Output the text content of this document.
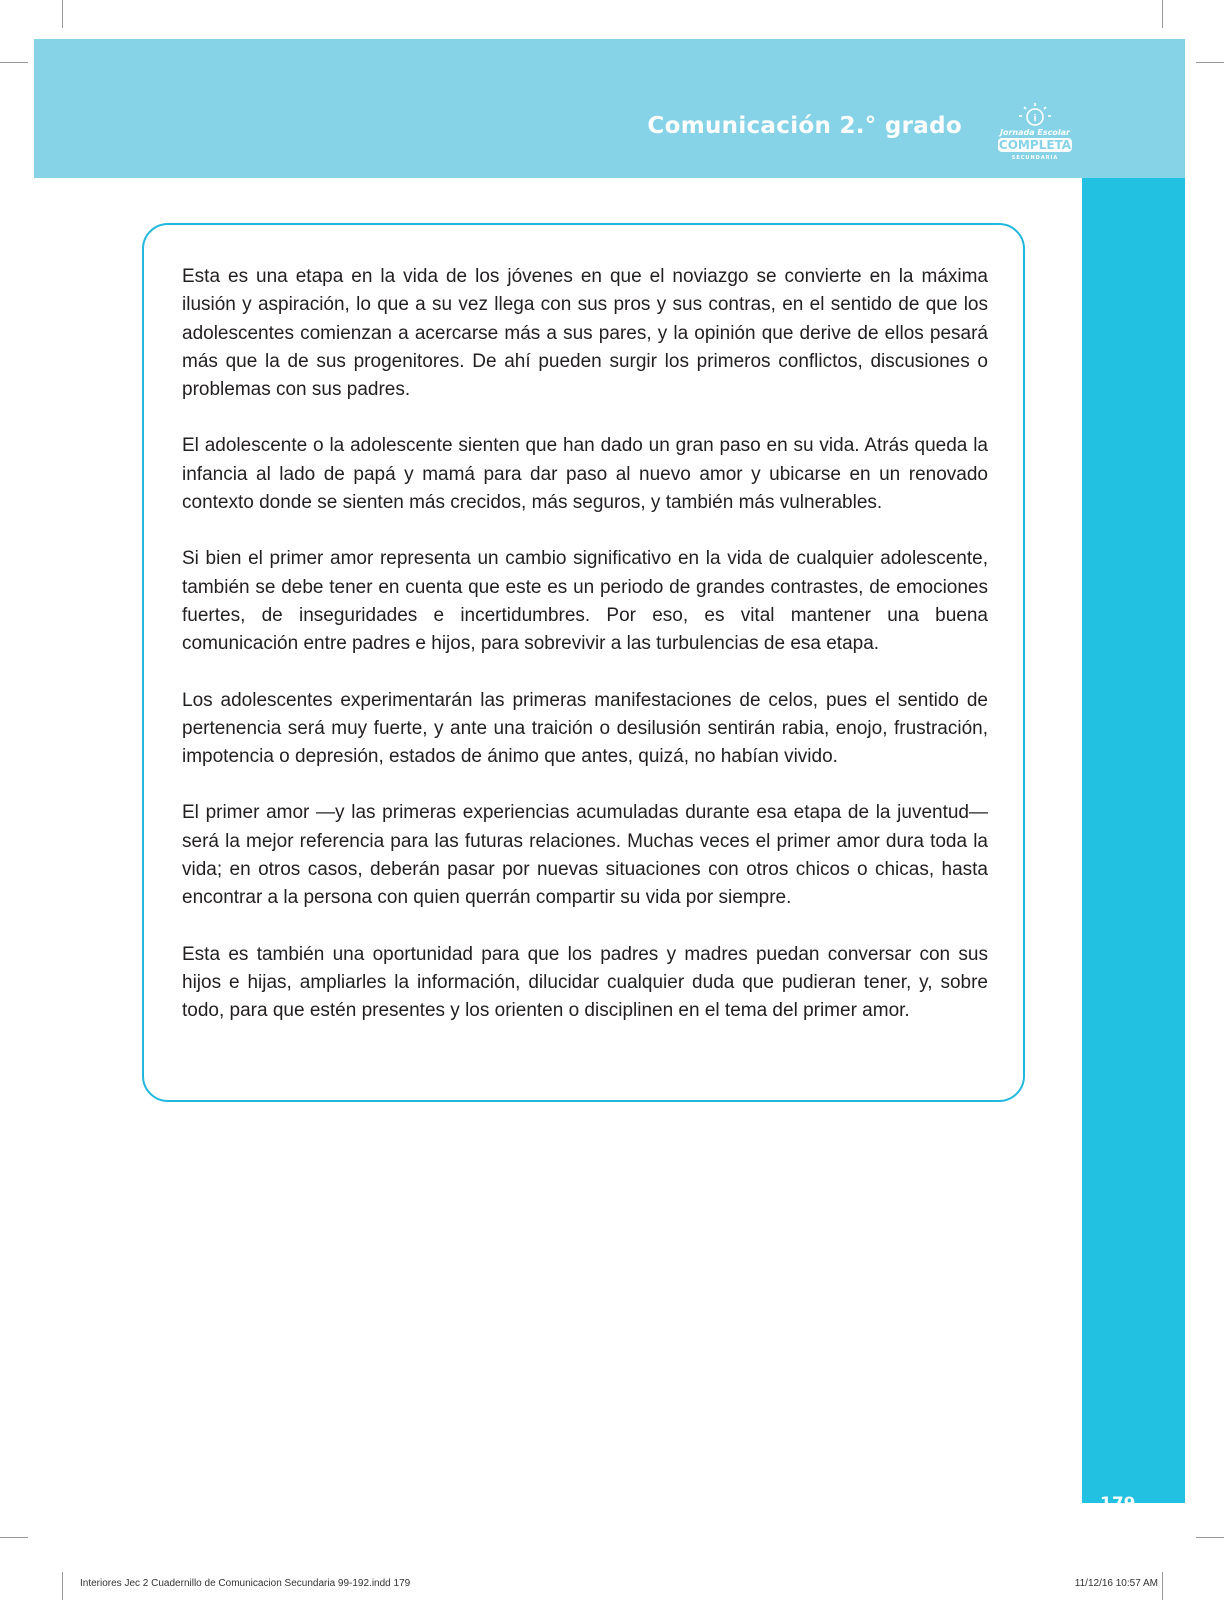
Comunicación 2.° grado	i
Jornada Escolar
COMPLETA
SECUNDARIA
179

Esta es una etapa en la vida de los jóvenes en que el noviazgo se convierte en la máxima ilusión y aspiración, lo que a su vez llega con sus pros y sus contras, en el sentido de que los adolescentes comienzan a acercarse más a sus pares, y la opinión que derive de ellos pesará más que la de sus progenitores. De ahí pueden surgir los primeros conflictos, discusiones o problemas con sus padres.

El adolescente o la adolescente sienten que han dado un gran paso en su vida. Atrás queda la infancia al lado de papá y mamá para dar paso al nuevo amor y ubicarse en un renovado contexto donde se sienten más crecidos, más seguros, y también más vulnerables.

Si bien el primer amor representa un cambio significativo en la vida de cualquier adolescente, también se debe tener en cuenta que este es un periodo de grandes contrastes, de emociones fuertes, de inseguridades e incertidumbres. Por eso, es vital mantener una buena comunicación entre padres e hijos, para sobrevivir a las turbulencias de esa etapa.

Los adolescentes experimentarán las primeras manifestaciones de celos, pues el sentido de pertenencia será muy fuerte, y ante una traición o desilusión sentirán rabia, enojo, frustración, impotencia o depresión, estados de ánimo que antes, quizá, no habían vivido.

El primer amor —y las primeras experiencias acumuladas durante esa etapa de la juventud— será la mejor referencia para las futuras relaciones. Muchas veces el primer amor dura toda la vida; en otros casos, deberán pasar por nuevas situaciones con otros chicos o chicas, hasta encontrar a la persona con quien querrán compartir su vida por siempre.

Esta es también una oportunidad para que los padres y madres puedan conversar con sus hijos e hijas, ampliarles la información, dilucidar cualquier duda que pudieran tener, y, sobre todo, para que estén presentes y los orienten o disciplinen en el tema del primer amor.

Interiores Jec 2 Cuadernillo de Comunicacion Secundaria 99-192.indd 179	11/12/16 10:57 AM
